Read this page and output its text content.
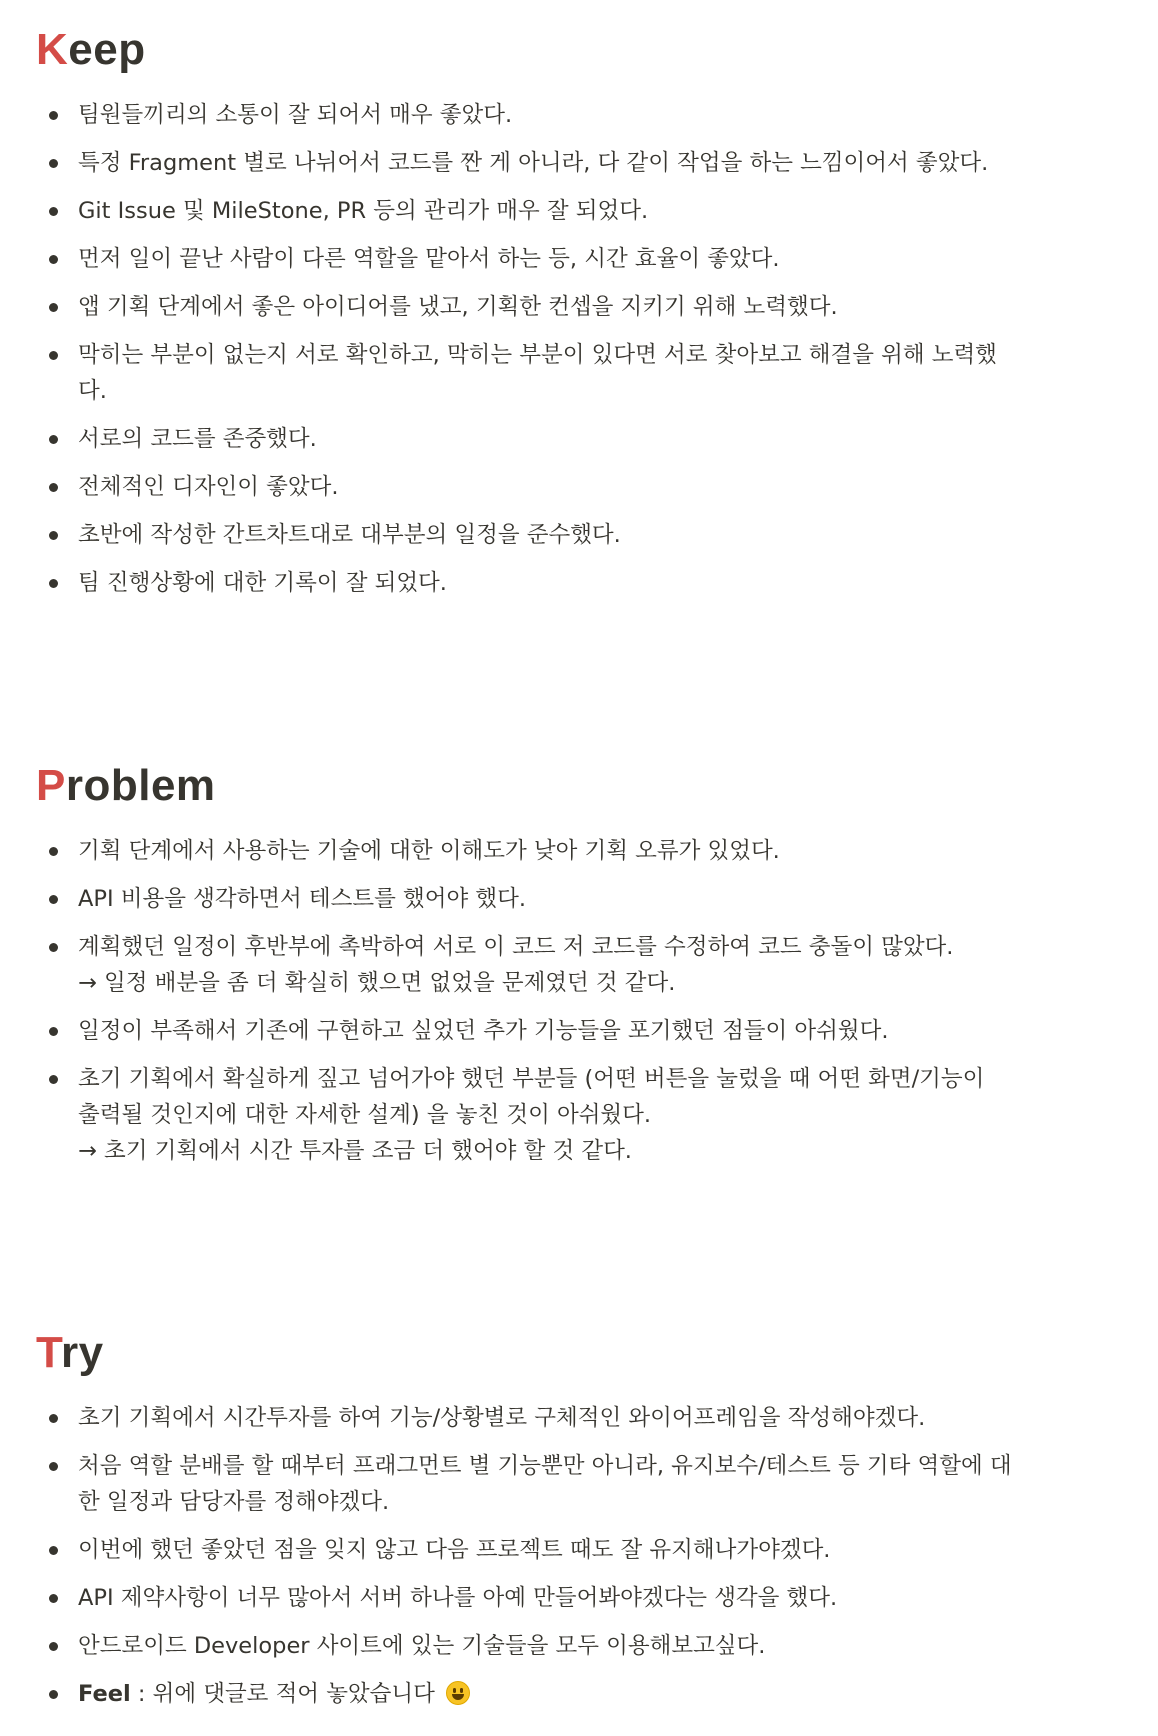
Keep
팀원들끼리의 소통이 잘 되어서 매우 좋았다.
특정 Fragment 별로 나뉘어서 코드를 짠 게 아니라, 다 같이 작업을 하는 느낌이어서 좋았다.
Git Issue 및 MileStone, PR 등의 관리가 매우 잘 되었다.
먼저 일이 끝난 사람이 다른 역할을 맡아서 하는 등, 시간 효율이 좋았다.
앱 기획 단계에서 좋은 아이디어를 냈고, 기획한 컨셉을 지키기 위해 노력했다.
막히는 부분이 없는지 서로 확인하고, 막히는 부분이 있다면 서로 찾아보고 해결을 위해 노력했
다.
서로의 코드를 존중했다.
전체적인 디자인이 좋았다.
초반에 작성한 간트차트대로 대부분의 일정을 준수했다.
팀 진행상황에 대한 기록이 잘 되었다.
Problem
기획 단계에서 사용하는 기술에 대한 이해도가 낮아 기획 오류가 있었다.
API 비용을 생각하면서 테스트를 했어야 했다.
계획했던 일정이 후반부에 촉박하여 서로 이 코드 저 코드를 수정하여 코드 충돌이 많았다.
→ 일정 배분을 좀 더 확실히 했으면 없었을 문제였던 것 같다.
일정이 부족해서 기존에 구현하고 싶었던 추가 기능들을 포기했던 점들이 아쉬웠다.
초기 기획에서 확실하게 짚고 넘어가야 했던 부분들 (어떤 버튼을 눌렀을 때 어떤 화면/기능이
출력될 것인지에 대한 자세한 설계) 을 놓친 것이 아쉬웠다.
→ 초기 기획에서 시간 투자를 조금 더 했어야 할 것 같다.
Try
초기 기획에서 시간투자를 하여 기능/상황별로 구체적인 와이어프레임을 작성해야겠다.
처음 역할 분배를 할 때부터 프래그먼트 별 기능뿐만 아니라, 유지보수/테스트 등 기타 역할에 대
한 일정과 담당자를 정해야겠다.
이번에 했던 좋았던 점을 잊지 않고 다음 프로젝트 때도 잘 유지해나가야겠다.
API 제약사항이 너무 많아서 서버 하나를 아예 만들어봐야겠다는 생각을 했다.
안드로이드 Developer 사이트에 있는 기술들을 모두 이용해보고싶다.
Feel : 위에 댓글로 적어 놓았습니다
